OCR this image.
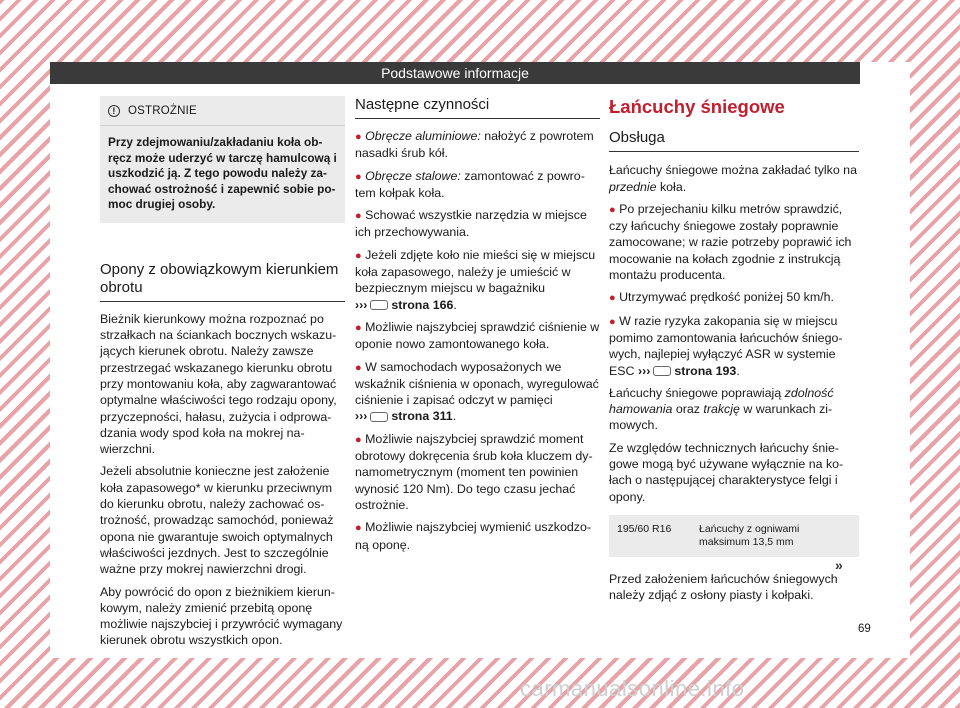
Podstawowe informacje
!	OSTROŻNIE
Przy zdejmowaniu/zakładaniu koła obręcz może uderzyć w tarczę hamulcową i uszkodzić ją. Z tego powodu należy zachować ostrożność i zapewnić sobie pomoc drugiej osoby.
Opony z obowiązkowym kierunkiem obrotu

Bieżnik kierunkowy można rozpoznać po strzałkach na ściankach bocznych wskazujących kierunek obrotu. Należy zawsze przestrzegać wskazanego kierunku obrotu przy montowaniu koła, aby zagwarantować optymalne właściwości tego rodzaju opony, przyczepności, hałasu, zużycia i odprowadzania wody spod koła na mokrej nawierzchni.

Jeżeli absolutnie konieczne jest założenie koła zapasowego* w kierunku przeciwnym do kierunku obrotu, należy zachować ostrożność, prowadząc samochód, ponieważ opona nie gwarantuje swoich optymalnych właściwości jezdnych. Jest to szczególnie ważne przy mokrej nawierzchni drogi.

Aby powrócić do opon z bieżnikiem kierunkowym, należy zmienić przebitą oponę możliwie najszybciej i przywrócić wymagany kierunek obrotu wszystkich opon.

Następne czynności

● Obręcze aluminiowe: nałożyć z powrotem nasadki śrub kół.

● Obręcze stalowe: zamontować z powrotem kołpak koła.

● Schować wszystkie narzędzia w miejsce ich przechowywania.

● Jeżeli zdjęte koło nie mieści się w miejscu koła zapasowego, należy je umieścić w bezpiecznym miejscu w bagażniku
››› strona 166.

● Możliwie najszybciej sprawdzić ciśnienie w oponie nowo zamontowanego koła.

● W samochodach wyposażonych we wskaźnik ciśnienia w oponach, wyregulować ciśnienie i zapisać odczyt w pamięci
››› strona 311.

● Możliwie najszybciej sprawdzić moment obrotowy dokręcenia śrub koła kluczem dynamometrycznym (moment ten powinien wynosić 120 Nm). Do tego czasu jechać ostrożnie.

● Możliwie najszybciej wymienić uszkodzoną oponę.

Łańcuchy śniegowe
Obsługa

Łańcuchy śniegowe można zakładać tylko na przednie koła.

● Po przejechaniu kilku metrów sprawdzić, czy łańcuchy śniegowe zostały poprawnie zamocowane; w razie potrzeby poprawić ich mocowanie na kołach zgodnie z instrukcją montażu producenta.

● Utrzymywać prędkość poniżej 50 km/h.

● W razie ryzyka zakopania się w miejscu pomimo zamontowania łańcuchów śniegowych, najlepiej wyłączyć ASR w systemie ESC ››› strona 193.

Łańcuchy śniegowe poprawiają zdolność hamowania oraz trakcję w warunkach zimowych.

Ze względów technicznych łańcuchy śniegowe mogą być używane wyłącznie na kołach o następującej charakterystyce felgi i opony.

195/60 R16	Łańcuchy z ogniwami maksimum 13,5 mm

Przed założeniem łańcuchów śniegowych należy zdjąć z osłony piasty i kołpaki.

»
69
carmanualsonline.info
